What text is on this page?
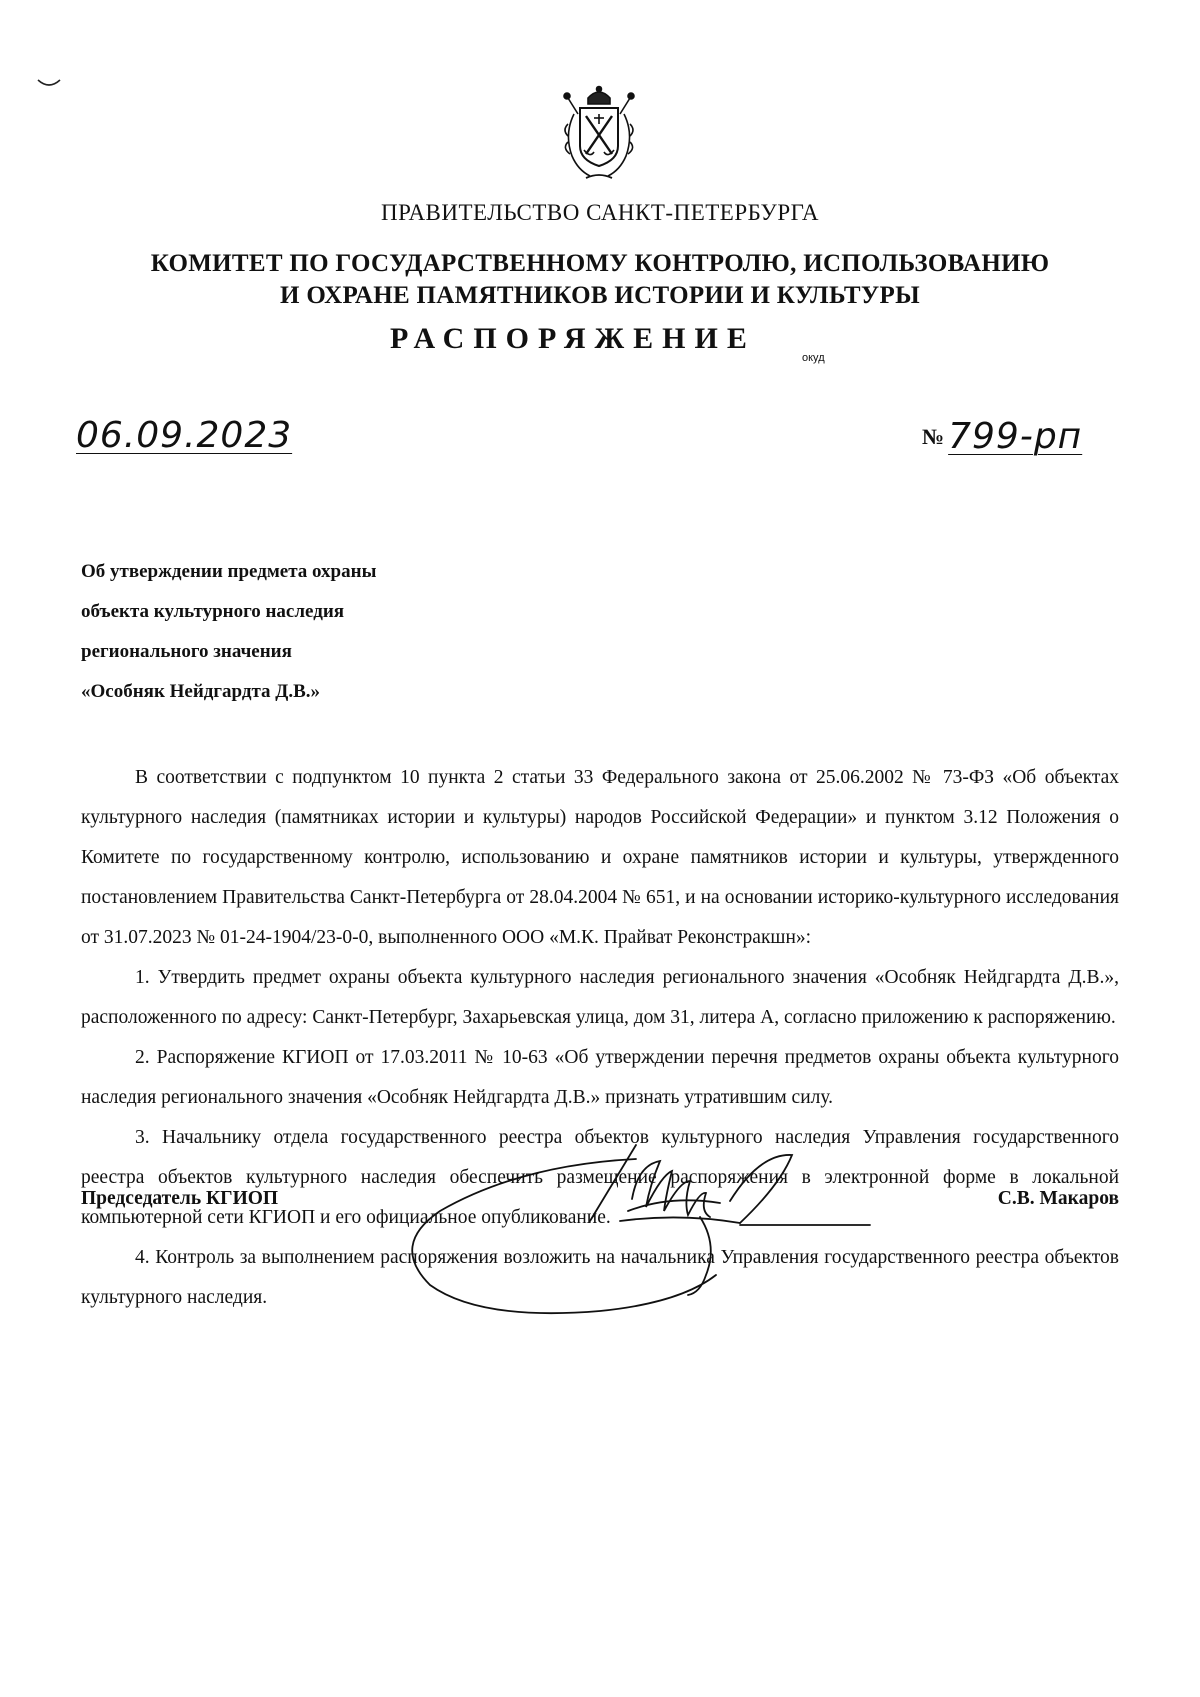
ПРАВИТЕЛЬСТВО САНКТ-ПЕТЕРБУРГА
КОМИТЕТ ПО ГОСУДАРСТВЕННОМУ КОНТРОЛЮ, ИСПОЛЬЗОВАНИЮ
И ОХРАНЕ ПАМЯТНИКОВ ИСТОРИИ И КУЛЬТУРЫ
РАСПОРЯЖЕНИЕ
окуд
06.09.2023	№ 799-рп
Об утверждении предмета охраны
объекта культурного наследия
регионального значения
«Особняк Нейдгардта Д.В.»

В соответствии с подпунктом 10 пункта 2 статьи 33 Федерального закона от 25.06.2002 № 73-ФЗ «Об объектах культурного наследия (памятниках истории и культуры) народов Российской Федерации» и пунктом 3.12 Положения о Комитете по государственному контролю, использованию и охране памятников истории и культуры, утвержденного постановлением Правительства Санкт-Петербурга от 28.04.2004 № 651, и на основании историко-культурного исследования от 31.07.2023 № 01-24-1904/23-0-0, выполненного ООО «М.К. Прайват Реконстракшн»:

1. Утвердить предмет охраны объекта культурного наследия регионального значения «Особняк Нейдгардта Д.В.», расположенного по адресу: Санкт-Петербург, Захарьевская улица, дом 31, литера А, согласно приложению к распоряжению.

2. Распоряжение КГИОП от 17.03.2011 № 10-63 «Об утверждении перечня предметов охраны объекта культурного наследия регионального значения «Особняк Нейдгардта Д.В.» признать утратившим силу.

3. Начальнику отдела государственного реестра объектов культурного наследия Управления государственного реестра объектов культурного наследия обеспечить размещение распоряжения в электронной форме в локальной компьютерной сети КГИОП и его официальное опубликование.

4. Контроль за выполнением распоряжения возложить на начальника Управления государственного реестра объектов культурного наследия.

Председатель КГИОП	С.В. Макаров
